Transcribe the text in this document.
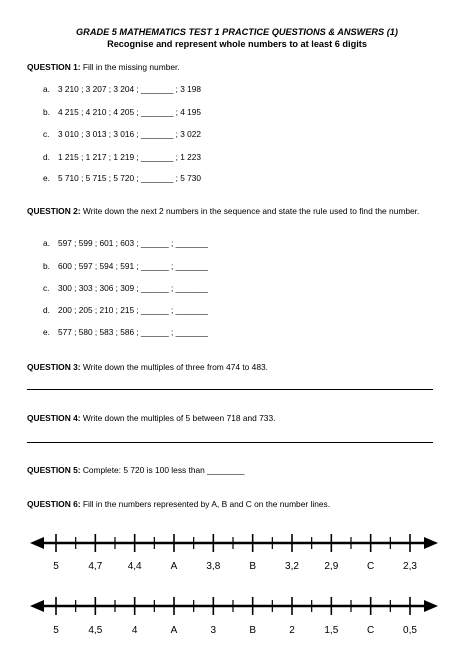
GRADE 5 MATHEMATICS TEST 1 PRACTICE QUESTIONS & ANSWERS (1)
Recognise and represent whole numbers to at least 6 digits
QUESTION 1: Fill in the missing number.
a. 3 210 ; 3 207 ; 3 204 ; _______ ; 3 198
b. 4 215 ; 4 210 ; 4 205 ; _______ ; 4 195
c. 3 010 ; 3 013 ; 3 016 ; _______ ; 3 022
d. 1 215 ; 1 217 ; 1 219 ; _______ ; 1 223
e. 5 710 ; 5 715 ; 5 720 ; _______ ; 5 730
QUESTION 2: Write down the next 2 numbers in the sequence and state the rule used to find the number.
a. 597 ; 599 ; 601 ; 603 ; ______ ; _______
b. 600 ; 597 ; 594 ; 591 ; ______ ; _______
c. 300 ; 303 ; 306 ; 309 ; ______ ; _______
d. 200 ; 205 ; 210 ; 215 ; ______ ; _______
e. 577 ; 580 ; 583 ; 586 ; ______ ; _______
QUESTION 3: Write down the multiples of three from 474 to 483.
QUESTION 4: Write down the multiples of 5 between 718 and 733.
QUESTION 5: Complete: 5 720 is 100 less than ________
QUESTION 6: Fill in the numbers represented by A, B and C on the number lines.
5	4,7	4,4	A	3,8	B	3,2	2,9	C	2,3
5	4,5	4	A	3	B	2	1,5	C	0,5
